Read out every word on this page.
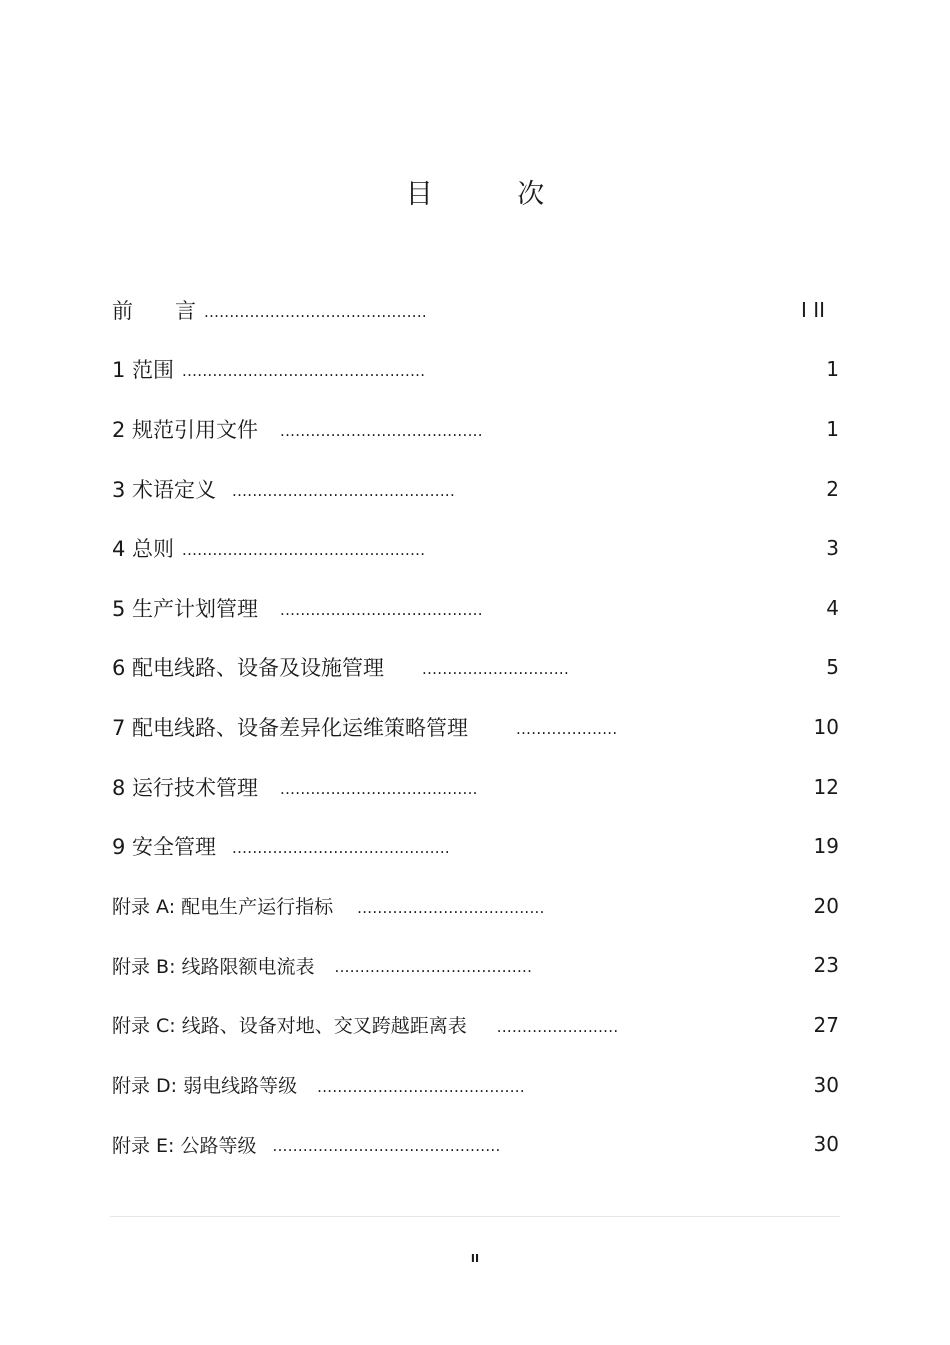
目 次
前　　言 ............................................	I II
1 范围 ................................................	1
2 规范引用文件 ........................................	1
3 术语定义 ............................................	2
4 总则 ................................................	3
5 生产计划管理 ........................................	4
6 配电线路、设备及设施管理	.............................	5
7 配电线路、设备差异化运维策略管理	....................	10
8 运行技术管理 .......................................	12
9 安全管理 ...........................................	19
附录 A: 配电生产运行指标 .....................................	20
附录 B: 线路限额电流表 .......................................	23
附录 C: 线路、设备对地、交叉跨越距离表 ........................	27
附录 D: 弱电线路等级 .........................................	30
附录 E: 公路等级 .............................................	30
II
